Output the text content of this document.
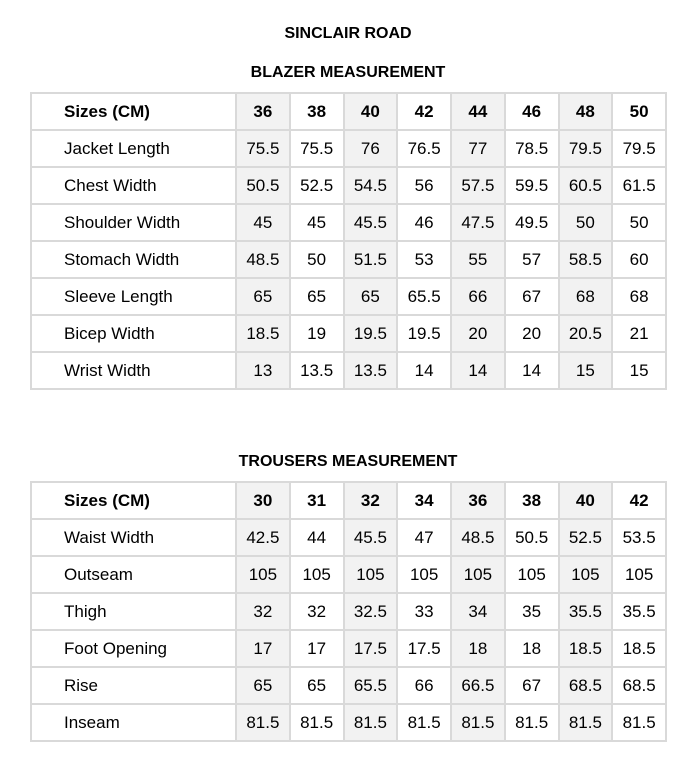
SINCLAIR ROAD
BLAZER MEASUREMENT
Sizes (CM)	36	38	40	42	44	46	48	50
Jacket Length	75.5	75.5	76	76.5	77	78.5	79.5	79.5
Chest Width	50.5	52.5	54.5	56	57.5	59.5	60.5	61.5
Shoulder Width	45	45	45.5	46	47.5	49.5	50	50
Stomach Width	48.5	50	51.5	53	55	57	58.5	60
Sleeve Length	65	65	65	65.5	66	67	68	68
Bicep Width	18.5	19	19.5	19.5	20	20	20.5	21
Wrist Width	13	13.5	13.5	14	14	14	15	15
TROUSERS MEASUREMENT
Sizes (CM)	30	31	32	34	36	38	40	42
Waist Width	42.5	44	45.5	47	48.5	50.5	52.5	53.5
Outseam	105	105	105	105	105	105	105	105
Thigh	32	32	32.5	33	34	35	35.5	35.5
Foot Opening	17	17	17.5	17.5	18	18	18.5	18.5
Rise	65	65	65.5	66	66.5	67	68.5	68.5
Inseam	81.5	81.5	81.5	81.5	81.5	81.5	81.5	81.5
